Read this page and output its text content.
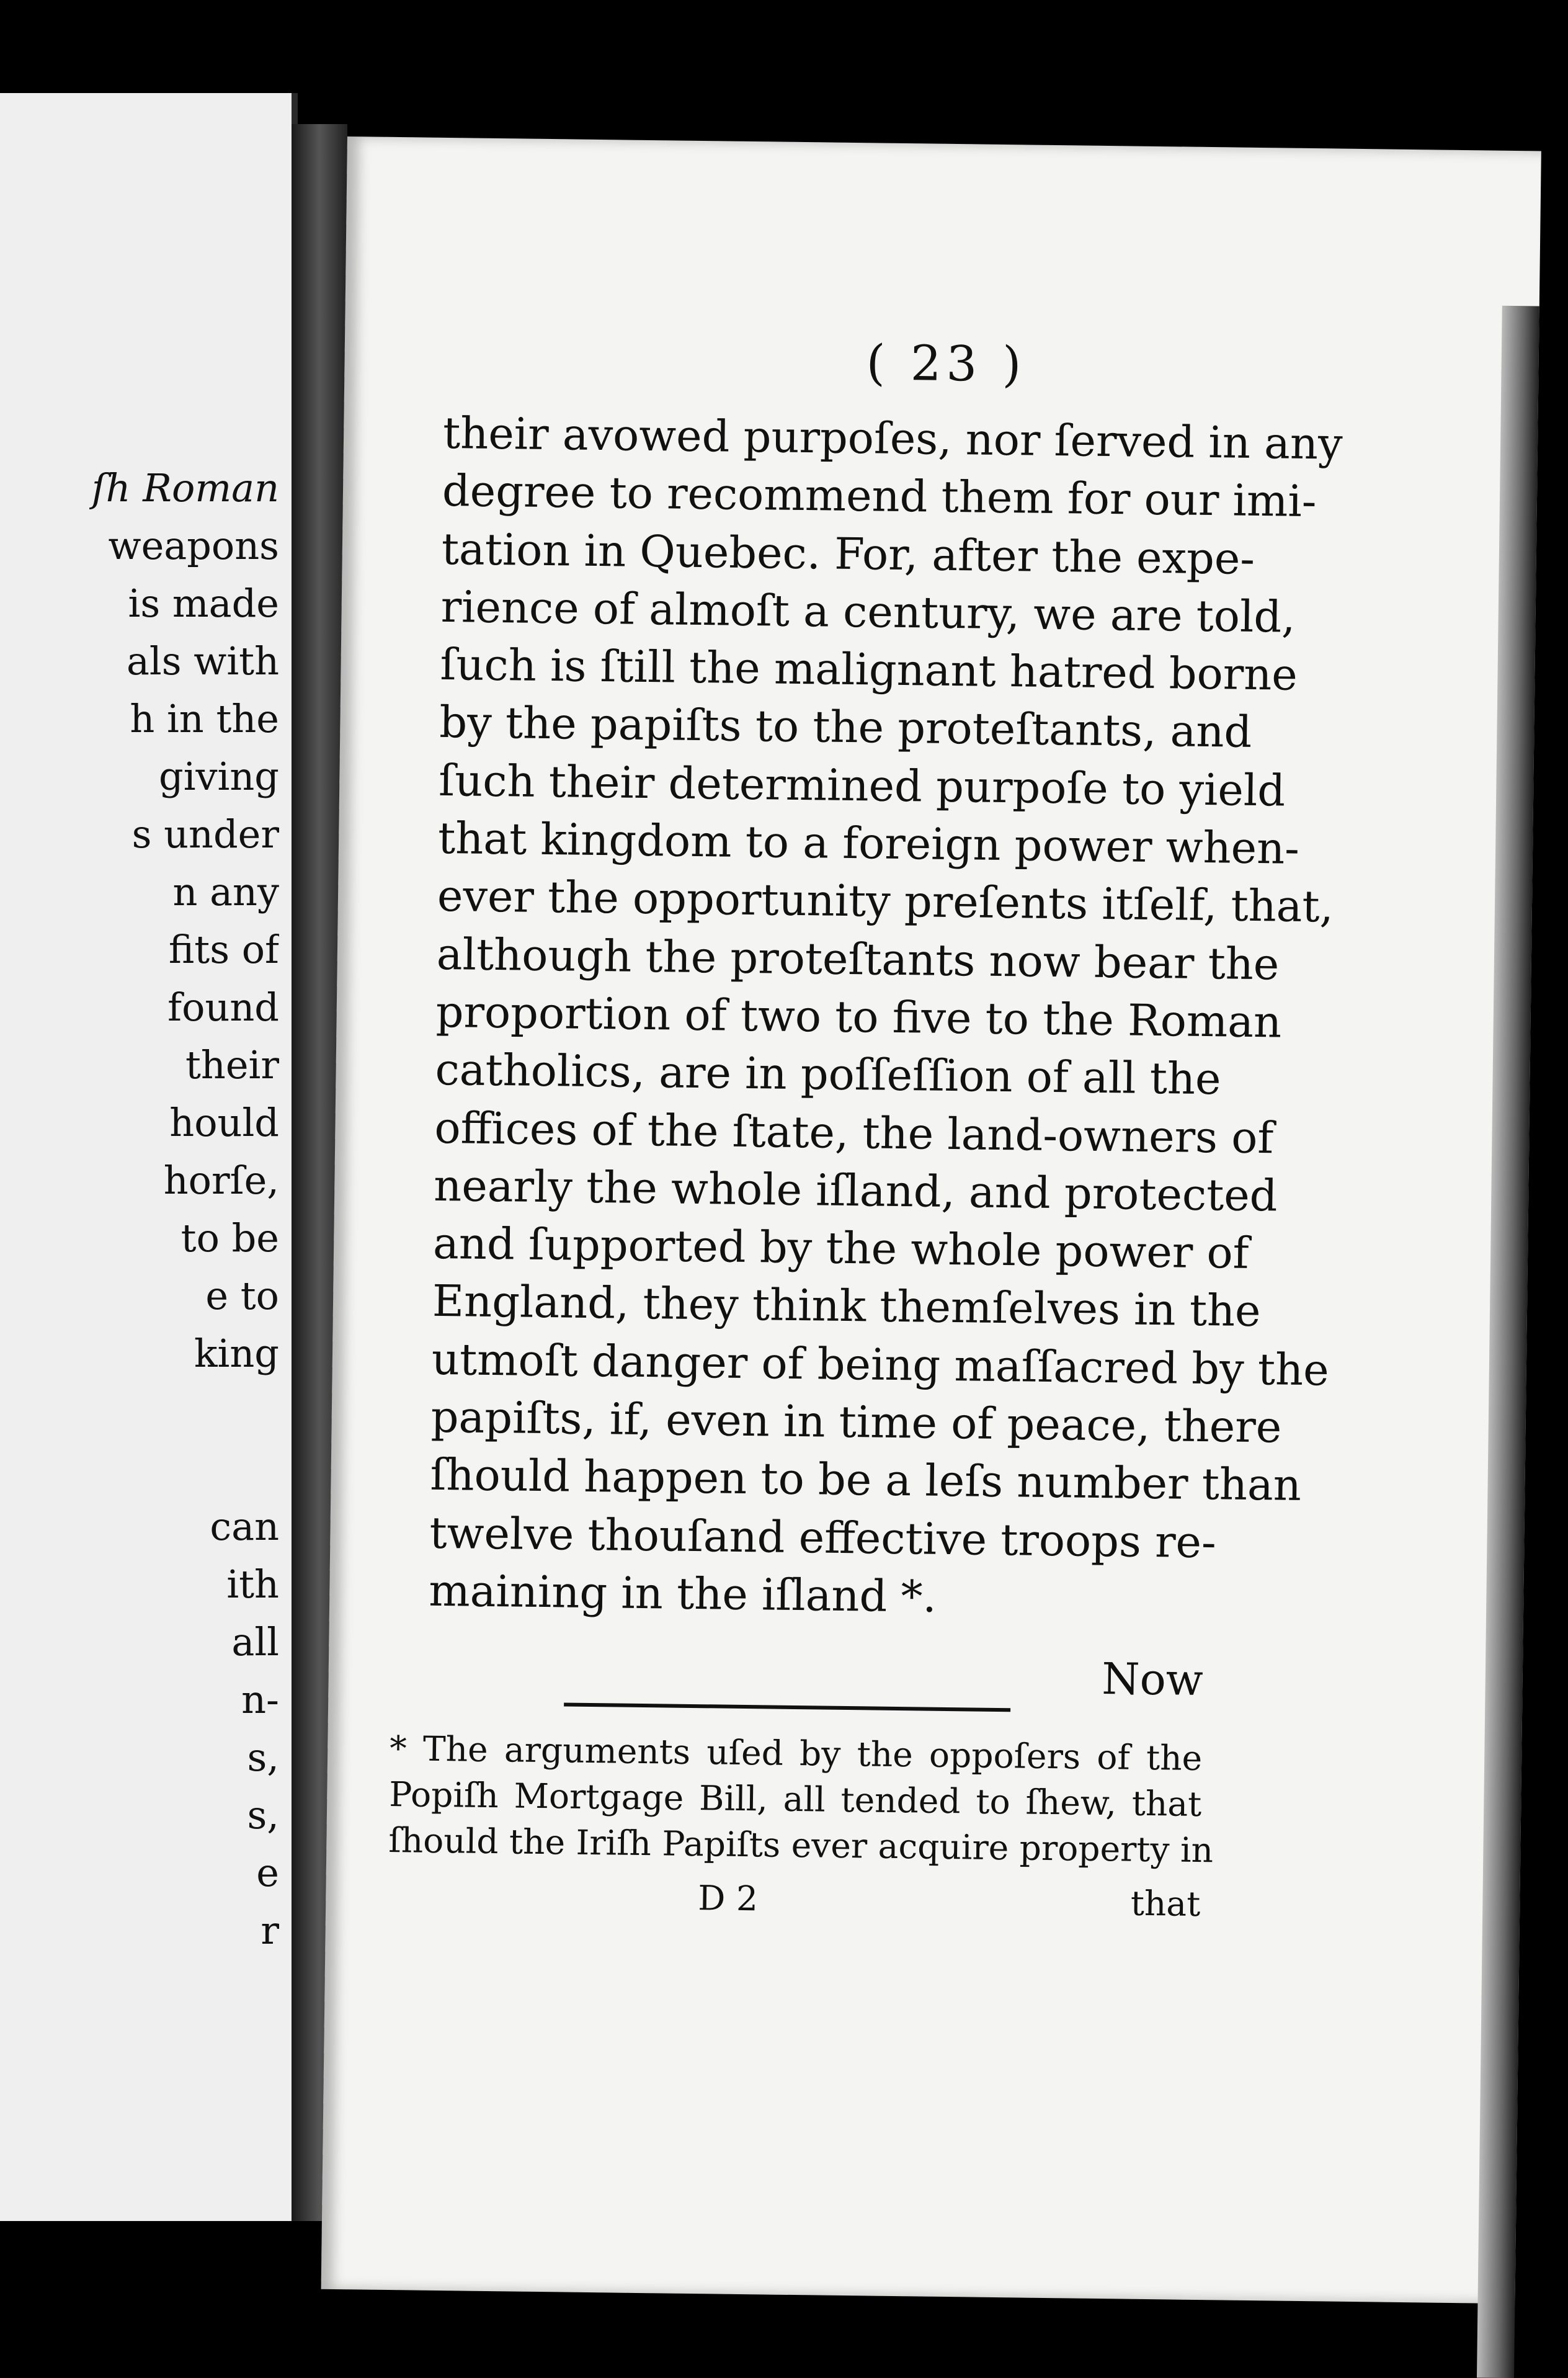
ſh Roman
weapons
is made
als with
h in the
giving
s under
n any
fits of
found
their
hould
horſe,
to be
e to
king
can
ith
all
n-
s,
s,
e
r
( 23 )
their avowed purpoſes, nor ſerved in any
degree to recommend them for our imi-
tation in Quebec. For, after the expe-
rience of almoſt a century, we are told,
ſuch is ſtill the malignant hatred borne
by the papiſts to the proteſtants, and
ſuch their determined purpoſe to yield
that kingdom to a foreign power when-
ever the opportunity preſents itſelf, that,
although the proteſtants now bear the
proportion of two to five to the Roman
catholics, are in poſſeſſion of all the
offices of the ſtate, the land-owners of
nearly the whole iſland, and protected
and ſupported by the whole power of
England, they think themſelves in the
utmoſt danger of being maſſacred by the
papiſts, if, even in time of peace, there
ſhould happen to be a leſs number than
twelve thouſand effective troops re-
maining in the iſland *.
Now
* The arguments uſed by the oppoſers of the
Popiſh Mortgage Bill, all tended to ſhew, that
ſhould the Iriſh Papiſts ever acquire property in
D 2	that
